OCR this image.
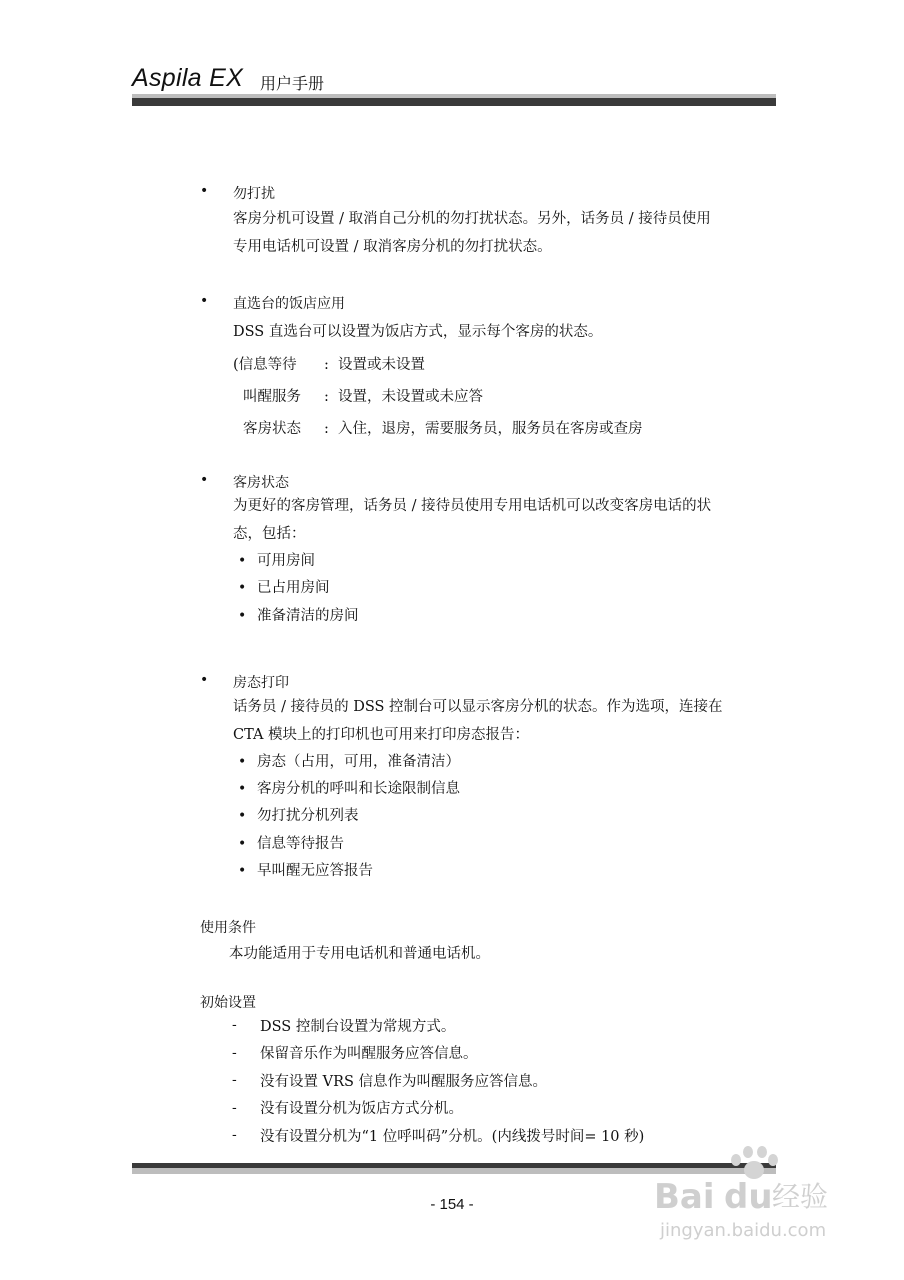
Aspila EX 用户手册
• 勿打扰
客房分机可设置 / 取消自己分机的勿打扰状态。另外，话务员 / 接待员使用
专用电话机可设置 / 取消客房分机的勿打扰状态。
• 直选台的饭店应用
DSS 直选台可以设置为饭店方式，显示每个客房的状态。
(信息等待 : 设置或未设置
叫醒服务 : 设置，未设置或未应答
客房状态 : 入住，退房，需要服务员，服务员在客房或查房
• 客房状态
为更好的客房管理，话务员 / 接待员使用专用电话机可以改变客房电话的状
态，包括：
• 可用房间
• 已占用房间
• 准备清洁的房间
• 房态打印
话务员 / 接待员的 DSS 控制台可以显示客房分机的状态。作为选项，连接在
CTA 模块上的打印机也可用来打印房态报告：
• 房态（占用，可用，准备清洁）
• 客房分机的呼叫和长途限制信息
• 勿打扰分机列表
• 信息等待报告
• 早叫醒无应答报告
使用条件
本功能适用于专用电话机和普通电话机。
初始设置
- DSS 控制台设置为常规方式。
- 保留音乐作为叫醒服务应答信息。
- 没有设置 VRS 信息作为叫醒服务应答信息。
- 没有设置分机为饭店方式分机。
- 没有设置分机为“1 位呼叫码”分机。(内线拨号时间= 10 秒)
- 154 -	Bai du 经验
jingyan.baidu.com
